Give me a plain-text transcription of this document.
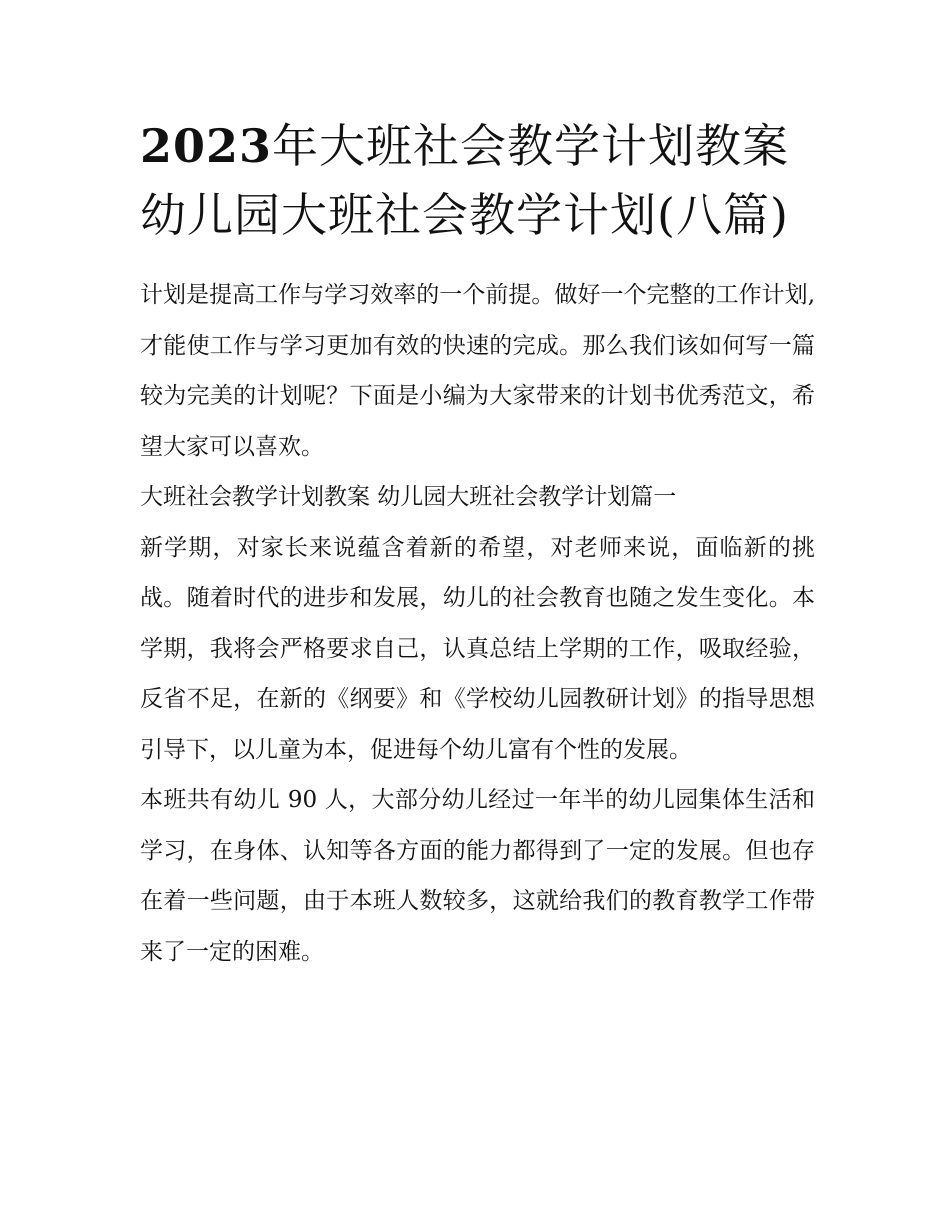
2023年大班社会教学计划教案 幼儿园大班社会教学计划(八篇)

计划是提高工作与学习效率的一个前提。做好一个完整的工作计划,才能使工作与学习更加有效的快速的完成。那么我们该如何写一篇较为完美的计划呢？下面是小编为大家带来的计划书优秀范文，希望大家可以喜欢。

大班社会教学计划教案 幼儿园大班社会教学计划篇一

新学期，对家长来说蕴含着新的希望，对老师来说，面临新的挑战。随着时代的进步和发展，幼儿的社会教育也随之发生变化。本学期，我将会严格要求自己，认真总结上学期的工作，吸取经验，反省不足，在新的《纲要》和《学校幼儿园教研计划》的指导思想引导下，以儿童为本，促进每个幼儿富有个性的发展。

本班共有幼儿 90 人，大部分幼儿经过一年半的幼儿园集体生活和学习，在身体、认知等各方面的能力都得到了一定的发展。但也存在着一些问题，由于本班人数较多，这就给我们的教育教学工作带来了一定的困难。
